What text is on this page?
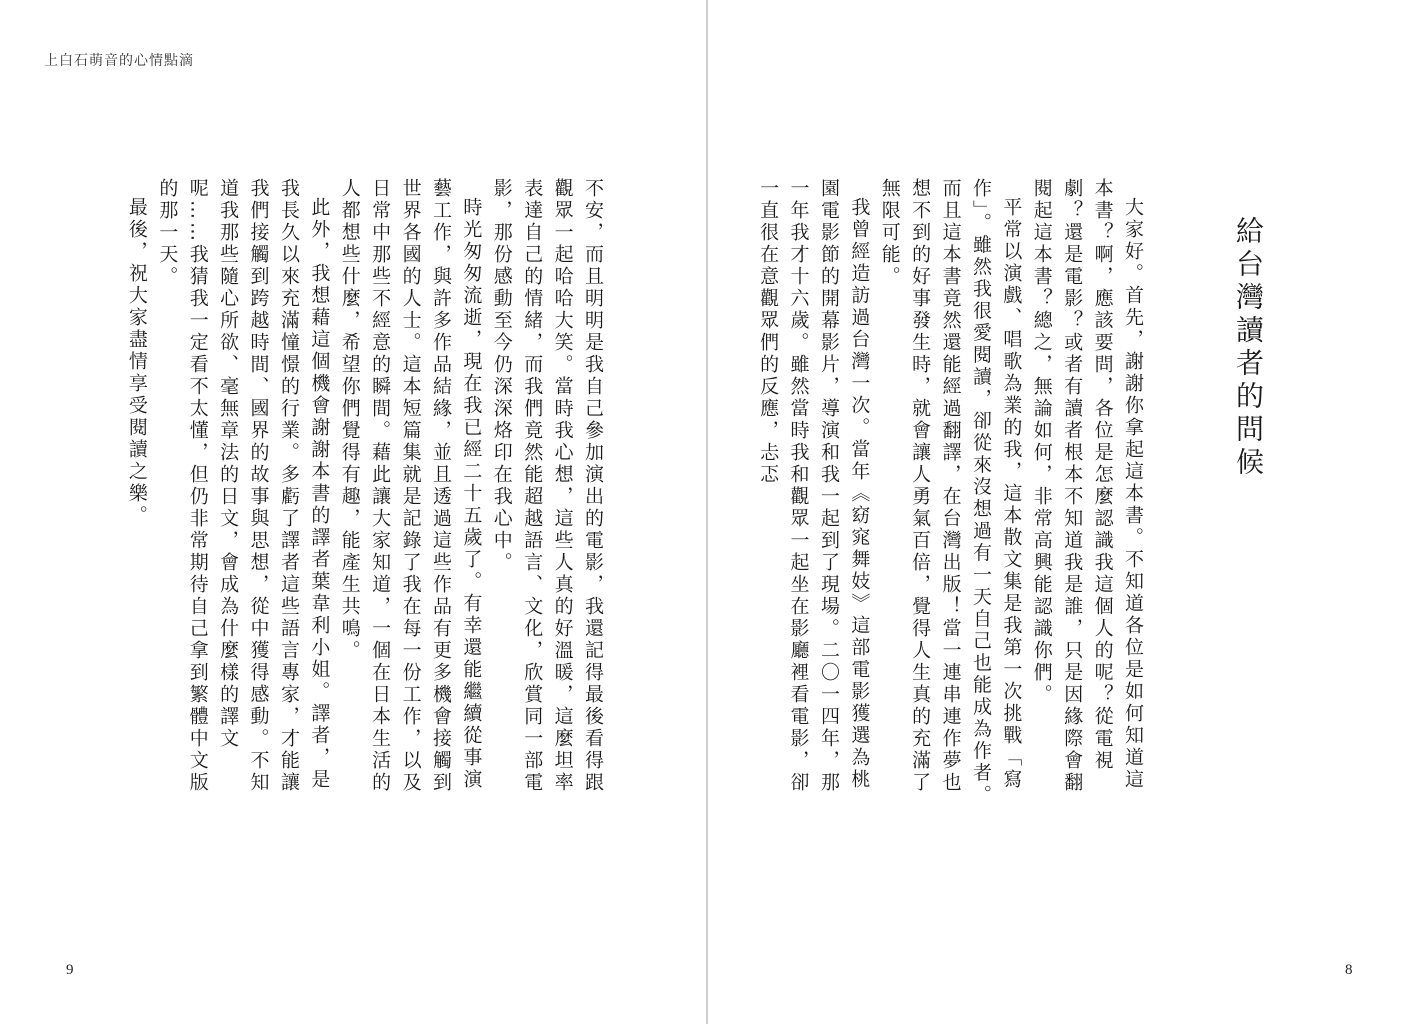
上白石萌音的心情點滴

不安，而且明明是我自己參加演出的電影，我還記得最後看得跟觀眾一起哈哈大笑。當時我心想，這些人真的好溫暖，這麼坦率表達自己的情緒，而我們竟然能超越語言、文化，欣賞同一部電影，那份感動至今仍深深烙印在我心中。

時光匆匆流逝，現在我已經二十五歲了。有幸還能繼續從事演藝工作，與許多作品結緣，並且透過這些作品有更多機會接觸到世界各國的人士。這本短篇集就是記錄了我在每一份工作，以及日常中那些不經意的瞬間。藉此讓大家知道，一個在日本生活的人都想些什麼，希望你們覺得有趣，能產生共鳴。

此外，我想藉這個機會謝謝本書的譯者葉韋利小姐。譯者，是我長久以來充滿憧憬的行業。多虧了譯者這些語言專家，才能讓我們接觸到跨越時間、國界的故事與思想，從中獲得感動。不知道我那些隨心所欲、毫無章法的日文，會成為什麼樣的譯文呢……我猜我一定看不太懂，但仍非常期待自己拿到繁體中文版的那一天。

最後，祝大家盡情享受閱讀之樂。

9
給台灣讀者的問候

大家好。首先，謝謝你拿起這本書。不知道各位是如何知道這本書？啊，應該要問，各位是怎麼認識我這個人的呢？從電視劇？還是電影？或者有讀者根本不知道我是誰，只是因緣際會翻閱起這本書？總之，無論如何，非常高興能認識你們。

平常以演戲、唱歌為業的我，這本散文集是我第一次挑戰「寫作」。雖然我很愛閱讀，卻從來沒想過有一天自己也能成為作者。而且這本書竟然還能經過翻譯，在台灣出版！當一連串連作夢也想不到的好事發生時，就會讓人勇氣百倍，覺得人生真的充滿了無限可能。

我曾經造訪過台灣一次。當年《窈窕舞妓》這部電影獲選為桃園電影節的開幕影片，導演和我一起到了現場。二〇一四年，那一年我才十六歲。雖然當時我和觀眾一起坐在影廳裡看電影，卻一直很在意觀眾們的反應，忐忑

8
